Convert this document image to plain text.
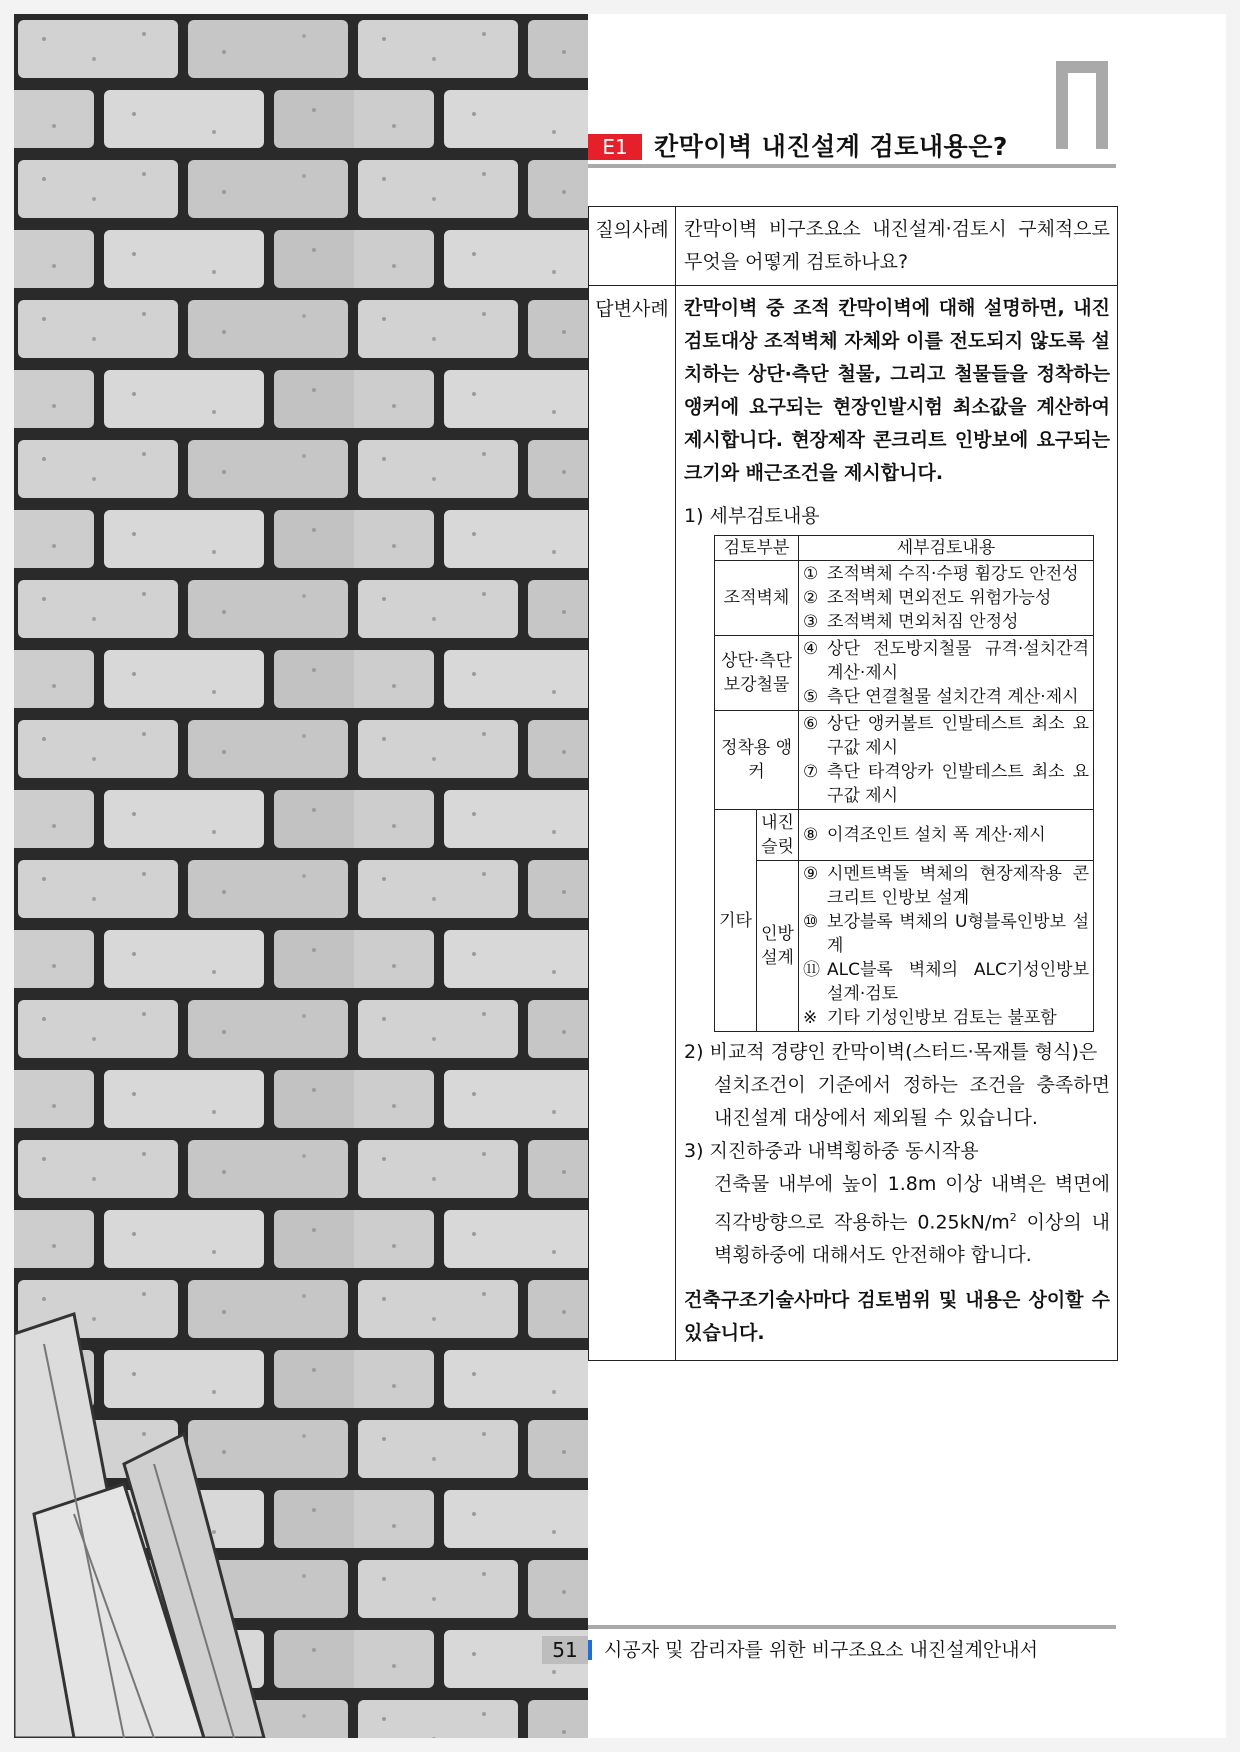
E1	칸막이벽 내진설계 검토내용은?
질의사례	칸막이벽 비구조요소 내진설계·검토시 구체적으로 무엇을 어떻게 검토하나요?

답변사례	칸막이벽 중 조적 칸막이벽에 대해 설명하면, 내진검토대상 조적벽체 자체와 이를 전도되지 않도록 설치하는 상단·측단 철물, 그리고 철물들을 정착하는 앵커에 요구되는 현장인발시험 최소값을 계산하여 제시합니다. 현장제작 콘크리트 인방보에 요구되는 크기와 배근조건을 제시합니다.
1) 세부검토내용
검토부분	세부검토내용
조적벽체	
① 조적벽체 수직·수평 휨강도 안전성
② 조적벽체 면외전도 위험가능성
③ 조적벽체 면외처짐 안정성

상단·측단 보강철물	
④ 상단 전도방지철물 규격·설치간격 계산·제시
⑤ 측단 연결철물 설치간격 계산·제시

정착용 앵커	
⑥ 상단 앵커볼트 인발테스트 최소 요구값 제시
⑦ 측단 타격앙카 인발테스트 최소 요구값 제시

기타	내진 슬릿	
⑧ 이격조인트 설치 폭 계산·제시

인방 설계	
⑨ 시멘트벽돌 벽체의 현장제작용 콘크리트 인방보 설계
⑩ 보강블록 벽체의 U형블록인방보 설계
⑪ ALC블록 벽체의 ALC기성인방보 설계·검토
※ 기타 기성인방보 검토는 불포함
2) 비교적 경량인 칸막이벽(스터드·목재틀 형식)은
설치조건이 기준에서 정하는 조건을 충족하면 내진설계 대상에서 제외될 수 있습니다.
3) 지진하중과 내벽횡하중 동시작용
건축물 내부에 높이 1.8m 이상 내벽은 벽면에 직각방향으로 작용하는 $0.25kN/m^2$ 이상의 내벽횡하중에 대해서도 안전해야 합니다.
건축구조기술사마다 검토범위 및 내용은 상이할 수 있습니다.
51	시공자 및 감리자를 위한 비구조요소 내진설계안내서
